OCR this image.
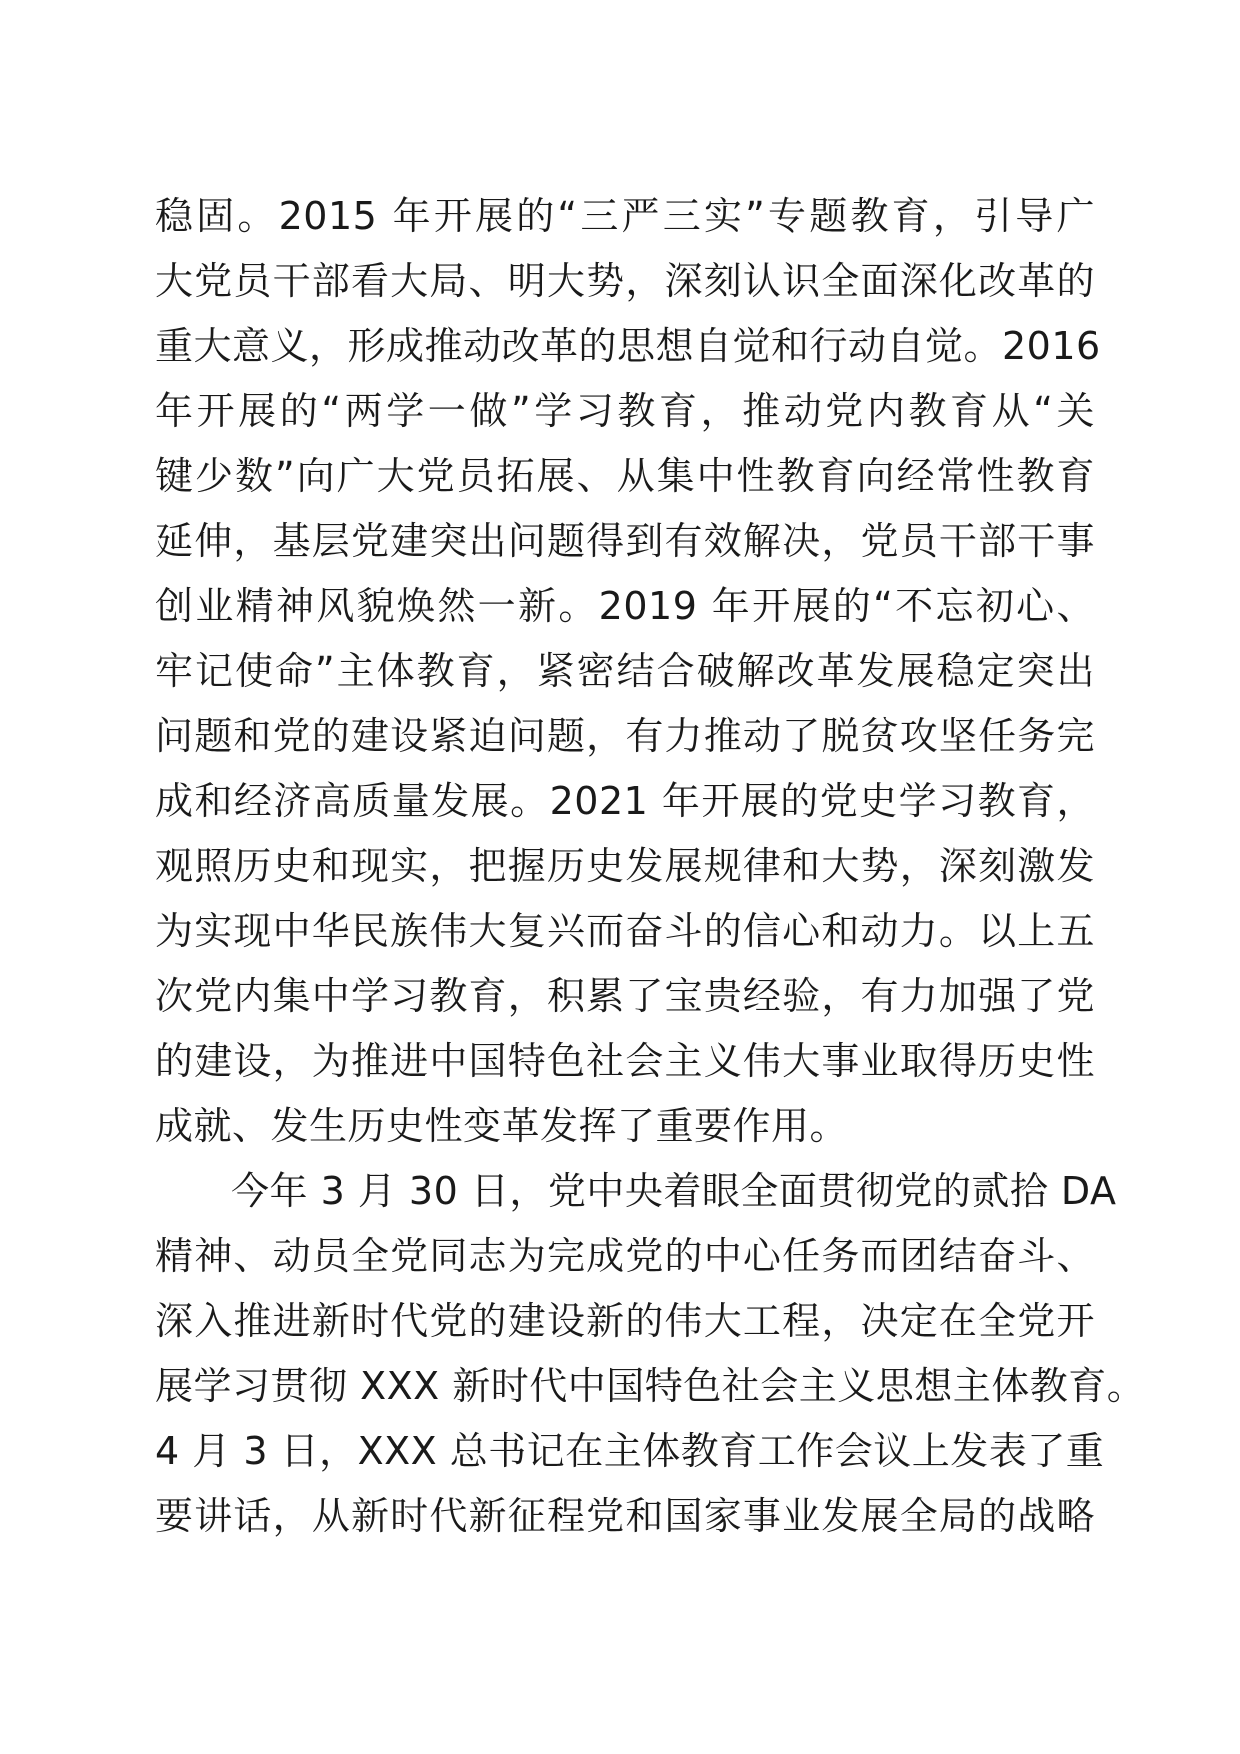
稳固。2015 年开展的“三严三实”专题教育，引导广
大党员干部看大局、明大势，深刻认识全面深化改革的
重大意义，形成推动改革的思想自觉和行动自觉。2016
年开展的“两学一做”学习教育，推动党内教育从“关
键少数”向广大党员拓展、从集中性教育向经常性教育
延伸，基层党建突出问题得到有效解决，党员干部干事
创业精神风貌焕然一新。2019 年开展的“不忘初心、
牢记使命”主体教育，紧密结合破解改革发展稳定突出
问题和党的建设紧迫问题，有力推动了脱贫攻坚任务完
成和经济高质量发展。2021 年开展的党史学习教育，
观照历史和现实，把握历史发展规律和大势，深刻激发
为实现中华民族伟大复兴而奋斗的信心和动力。以上五
次党内集中学习教育，积累了宝贵经验，有力加强了党
的建设，为推进中国特色社会主义伟大事业取得历史性
成就、发生历史性变革发挥了重要作用。
今年 3 月 30 日，党中央着眼全面贯彻党的贰拾 DA
精神、动员全党同志为完成党的中心任务而团结奋斗、
深入推进新时代党的建设新的伟大工程，决定在全党开
展学习贯彻 XXX 新时代中国特色社会主义思想主体教育。
4 月 3 日，XXX 总书记在主体教育工作会议上发表了重
要讲话，从新时代新征程党和国家事业发展全局的战略
